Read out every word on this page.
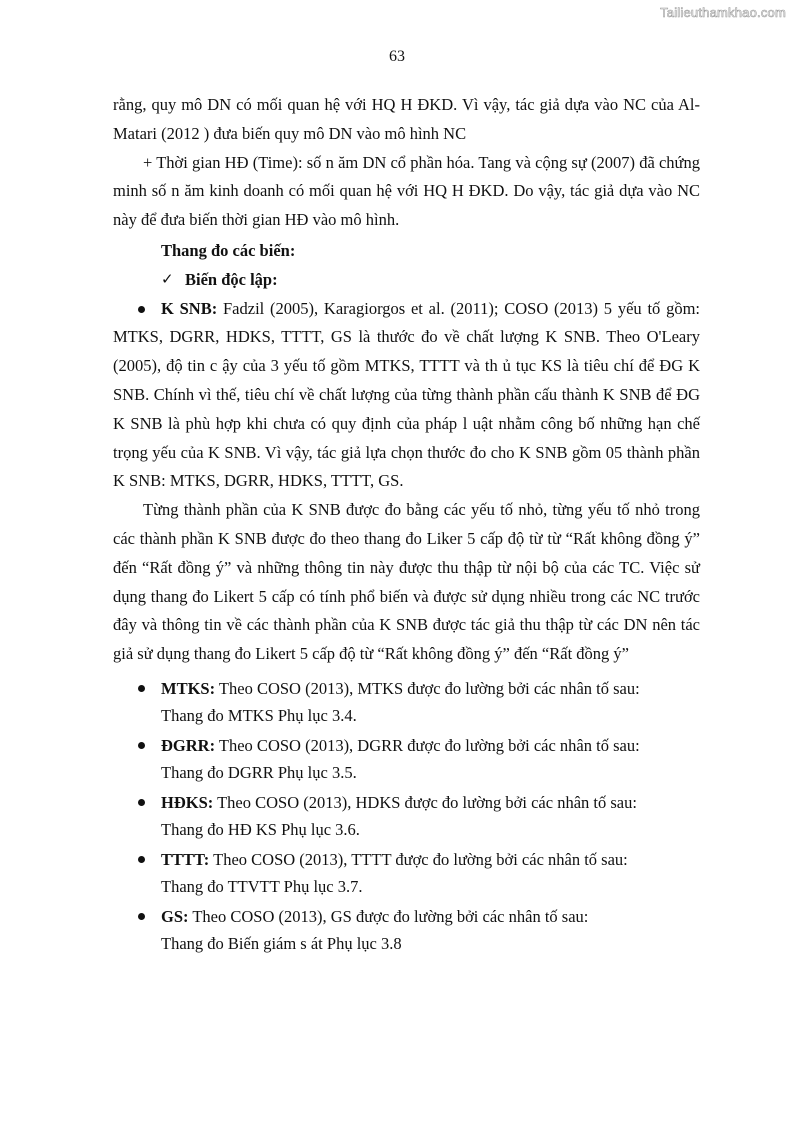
Tailieuthamkhao.com
63

rằng, quy mô DN có mối quan hệ với HQ H ĐKD. Vì vậy, tác giả dựa vào NC của Al-Matari (2012 ) đưa biến quy mô DN vào mô hình NC

+ Thời gian HĐ (Time): số n ăm DN cổ phần hóa. Tang và cộng sự (2007) đã chứng minh số n ăm kinh doanh có mối quan hệ với HQ H ĐKD. Do vậy, tác giả dựa vào NC này để đưa biến thời gian HĐ vào mô hình.

Thang đo các biến:

✓ Biến độc lập:

K SNB: Fadzil (2005), Karagiorgos et al. (2011); COSO (2013) 5 yếu tố gồm: MTKS, DGRR, HDKS, TTTT, GS là thước đo về chất lượng K SNB. Theo O'Leary (2005), độ tin c ậy của 3 yếu tố gồm MTKS, TTTT và th ủ tục KS là tiêu chí để ĐG K SNB. Chính vì thế, tiêu chí về chất lượng của từng thành phần cấu thành K SNB để ĐG K SNB là phù hợp khi chưa có quy định của pháp l uật nhằm công bố những hạn chế trọng yếu của K SNB. Vì vậy, tác giả lựa chọn thước đo cho K SNB gồm 05 thành phần K SNB: MTKS, DGRR, HDKS, TTTT, GS.

Từng thành phần của K SNB được đo bằng các yếu tố nhỏ, từng yếu tố nhỏ trong các thành phần K SNB được đo theo thang đo Liker 5 cấp độ từ từ “Rất không đồng ý” đến “Rất đồng ý” và những thông tin này được thu thập từ nội bộ của các TC. Việc sử dụng thang đo Likert 5 cấp có tính phổ biến và được sử dụng nhiều trong các NC trước đây và thông tin về các thành phần của K SNB được tác giả thu thập từ các DN nên tác giả sử dụng thang đo Likert 5 cấp độ từ “Rất không đồng ý” đến “Rất đồng ý”

MTKS: Theo COSO (2013), MTKS được đo lường bởi các nhân tố sau:
Thang đo MTKS Phụ lục 3.4.
ĐGRR: Theo COSO (2013), DGRR được đo lường bởi các nhân tố sau:
Thang đo DGRR Phụ lục 3.5.
HĐKS: Theo COSO (2013), HDKS được đo lường bởi các nhân tố sau:
Thang đo HĐ KS Phụ lục 3.6.
TTTT: Theo COSO (2013), TTTT được đo lường bởi các nhân tố sau:
Thang đo TTVTT Phụ lục 3.7.
GS: Theo COSO (2013), GS được đo lường bởi các nhân tố sau:
Thang đo Biến giám s át Phụ lục 3.8
